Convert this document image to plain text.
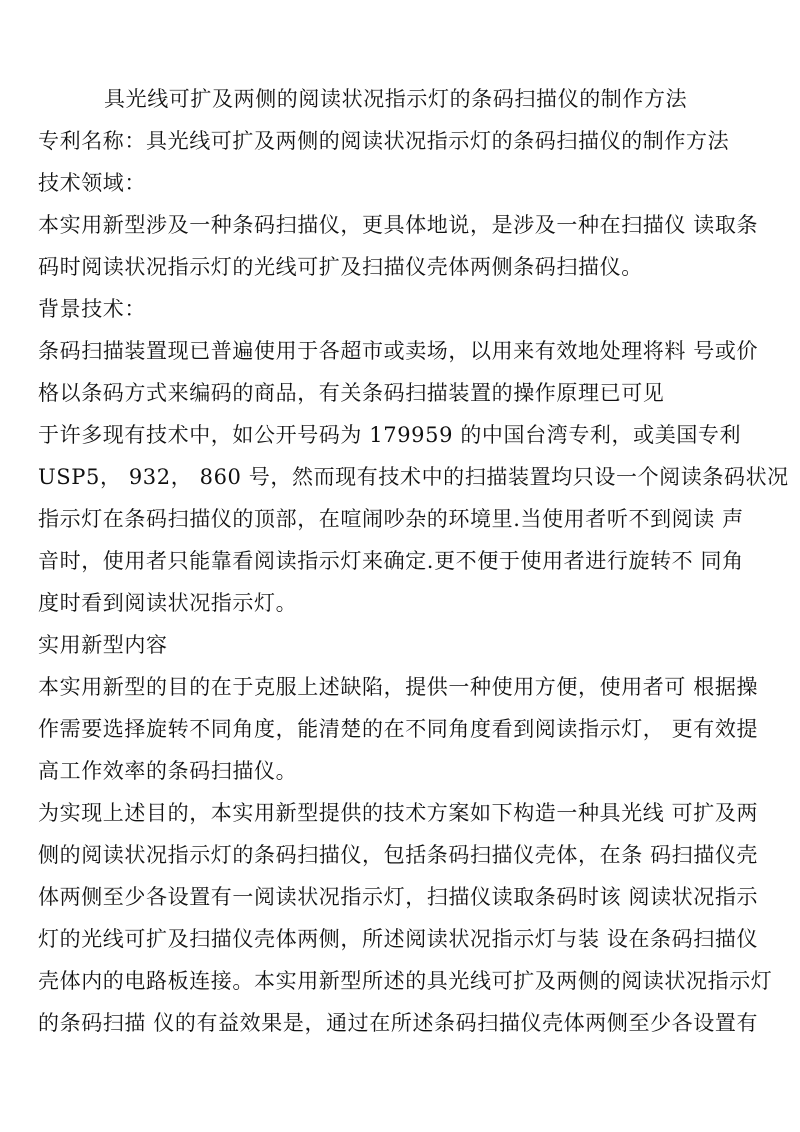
具光线可扩及两侧的阅读状况指示灯的条码扫描仪的制作方法
专利名称：具光线可扩及两侧的阅读状况指示灯的条码扫描仪的制作方法
技术领域：
本实用新型涉及一种条码扫描仪，更具体地说，是涉及一种在扫描仪 读取条
码时阅读状况指示灯的光线可扩及扫描仪壳体两侧条码扫描仪。
背景技术：
条码扫描装置现已普遍使用于各超市或卖场，以用来有效地处理将料 号或价
格以条码方式来编码的商品，有关条码扫描装置的操作原理已可见
于许多现有技术中，如公开号码为 179959 的中国台湾专利，或美国专利
USP5， 932， 860 号，然而现有技术中的扫描装置均只设一个阅读条码状况
指示灯在条码扫描仪的顶部，在喧闹吵杂的环境里.当使用者听不到阅读 声
音时，使用者只能靠看阅读指示灯来确定.更不便于使用者进行旋转不 同角
度时看到阅读状况指示灯。
实用新型内容
本实用新型的目的在于克服上述缺陷，提供一种使用方便，使用者可 根据操
作需要选择旋转不同角度，能清楚的在不同角度看到阅读指示灯， 更有效提
高工作效率的条码扫描仪。
为实现上述目的，本实用新型提供的技术方案如下构造一种具光线 可扩及两
侧的阅读状况指示灯的条码扫描仪，包括条码扫描仪壳体，在条 码扫描仪壳
体两侧至少各设置有一阅读状况指示灯，扫描仪读取条码时该 阅读状况指示
灯的光线可扩及扫描仪壳体两侧，所述阅读状况指示灯与装 设在条码扫描仪
壳体内的电路板连接。本实用新型所述的具光线可扩及两侧的阅读状况指示灯
的条码扫描 仪的有益效果是，通过在所述条码扫描仪壳体两侧至少各设置有
